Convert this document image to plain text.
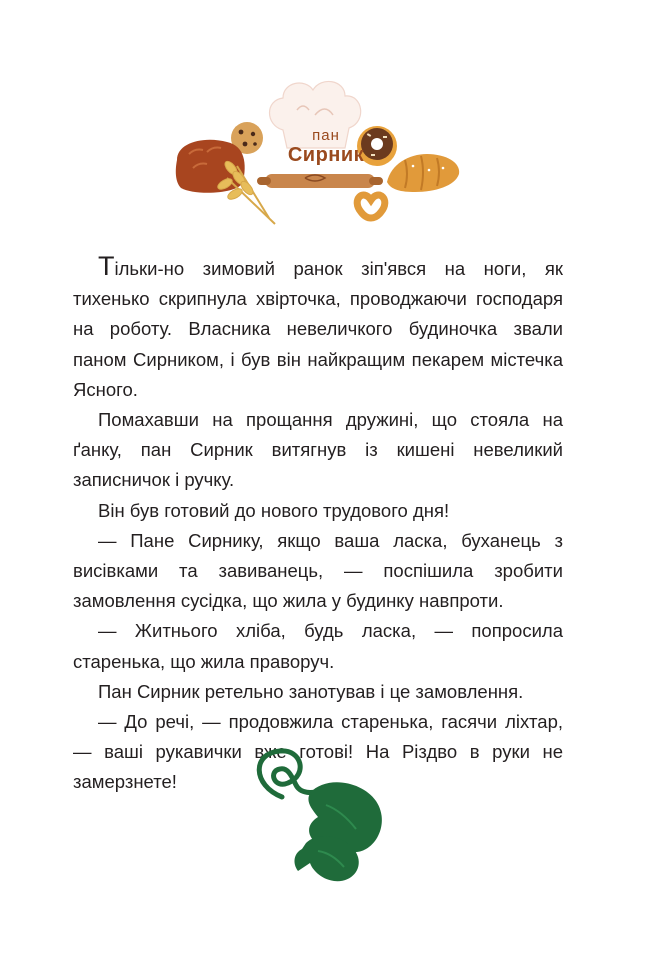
пан
Сирник

Тільки-но зимовий ранок зіп'явся на ноги, як тихенько скрипнула хвірточка, проводжаючи господаря на роботу. Власника невеличкого будиночка звали паном Сирником, і був він найкращим пекарем містечка Ясного.

Помахавши на прощання дружині, що стояла на ґанку, пан Сирник витягнув із кишені невеликий записничок і ручку.

Він був готовий до нового трудового дня!

— Пане Сирнику, якщо ваша ласка, буханець з висівками та завиванець, — поспішила зробити замовлення сусідка, що жила у будинку навпроти.

— Житнього хліба, будь ласка, — попросила старенька, що жила праворуч.

Пан Сирник ретельно занотував і це замовлення.

— До речі, — продовжила старенька, гасячи ліхтар, — ваші рукавички вже готові! На Різдво в руки не замерзнете!
